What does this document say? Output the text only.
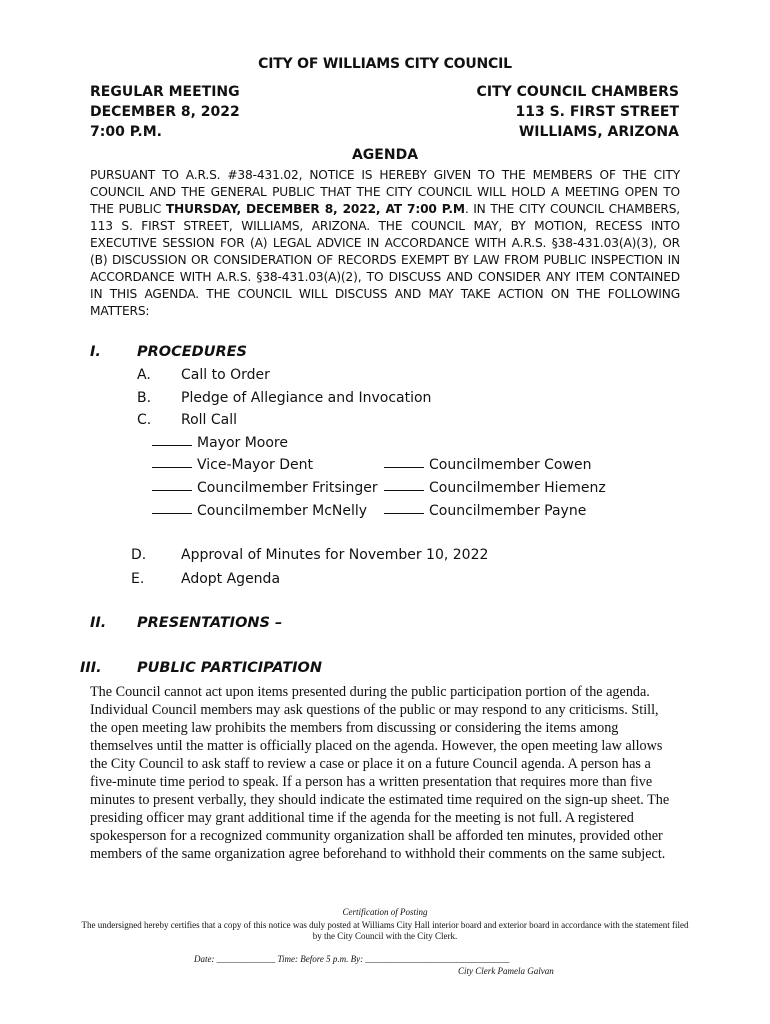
CITY OF WILLIAMS CITY COUNCIL
REGULAR MEETING
DECEMBER 8, 2022
7:00 P.M.
CITY COUNCIL CHAMBERS
113 S. FIRST STREET
WILLIAMS, ARIZONA
AGENDA
PURSUANT TO A.R.S. #38-431.02, NOTICE IS HEREBY GIVEN TO THE MEMBERS OF THE CITY COUNCIL AND THE GENERAL PUBLIC THAT THE CITY COUNCIL WILL HOLD A MEETING OPEN TO THE PUBLIC THURSDAY, DECEMBER 8, 2022, AT 7:00 P.M. IN THE CITY COUNCIL CHAMBERS, 113 S. FIRST STREET, WILLIAMS, ARIZONA. THE COUNCIL MAY, BY MOTION, RECESS INTO EXECUTIVE SESSION FOR (A) LEGAL ADVICE IN ACCORDANCE WITH A.R.S. §38-431.03(A)(3), OR (B) DISCUSSION OR CONSIDERATION OF RECORDS EXEMPT BY LAW FROM PUBLIC INSPECTION IN ACCORDANCE WITH A.R.S. §38-431.03(A)(2), TO DISCUSS AND CONSIDER ANY ITEM CONTAINED IN THIS AGENDA. THE COUNCIL WILL DISCUSS AND MAY TAKE ACTION ON THE FOLLOWING MATTERS:
I. PROCEDURES
A. Call to Order
B. Pledge of Allegiance and Invocation
C. Roll Call
Mayor Moore
Vice-Mayor Dent
Councilmember Fritsinger
Councilmember McNelly
Councilmember Cowen
Councilmember Hiemenz
Councilmember Payne
D. Approval of Minutes for November 10, 2022
E.	Adopt Agenda
II. PRESENTATIONS –
III. PUBLIC PARTICIPATION
The Council cannot act upon items presented during the public participation portion of the agenda. Individual Council members may ask questions of the public or may respond to any criticisms. Still, the open meeting law prohibits the members from discussing or considering the items among themselves until the matter is officially placed on the agenda. However, the open meeting law allows the City Council to ask staff to review a case or place it on a future Council agenda. A person has a five-minute time period to speak. If a person has a written presentation that requires more than five minutes to present verbally, they should indicate the estimated time required on the sign-up sheet. The presiding officer may grant additional time if the agenda for the meeting is not full. A registered spokesperson for a recognized community organization shall be afforded ten minutes, provided other members of the same organization agree beforehand to withhold their comments on the same subject.
Certification of Posting
The undersigned hereby certifies that a copy of this notice was duly posted at Williams City Hall interior board and exterior board in accordance with the statement filed by the City Council with the City Clerk.
Date: _____________ Time: Before 5 p.m. By: ________________________________
City Clerk Pamela Galvan
